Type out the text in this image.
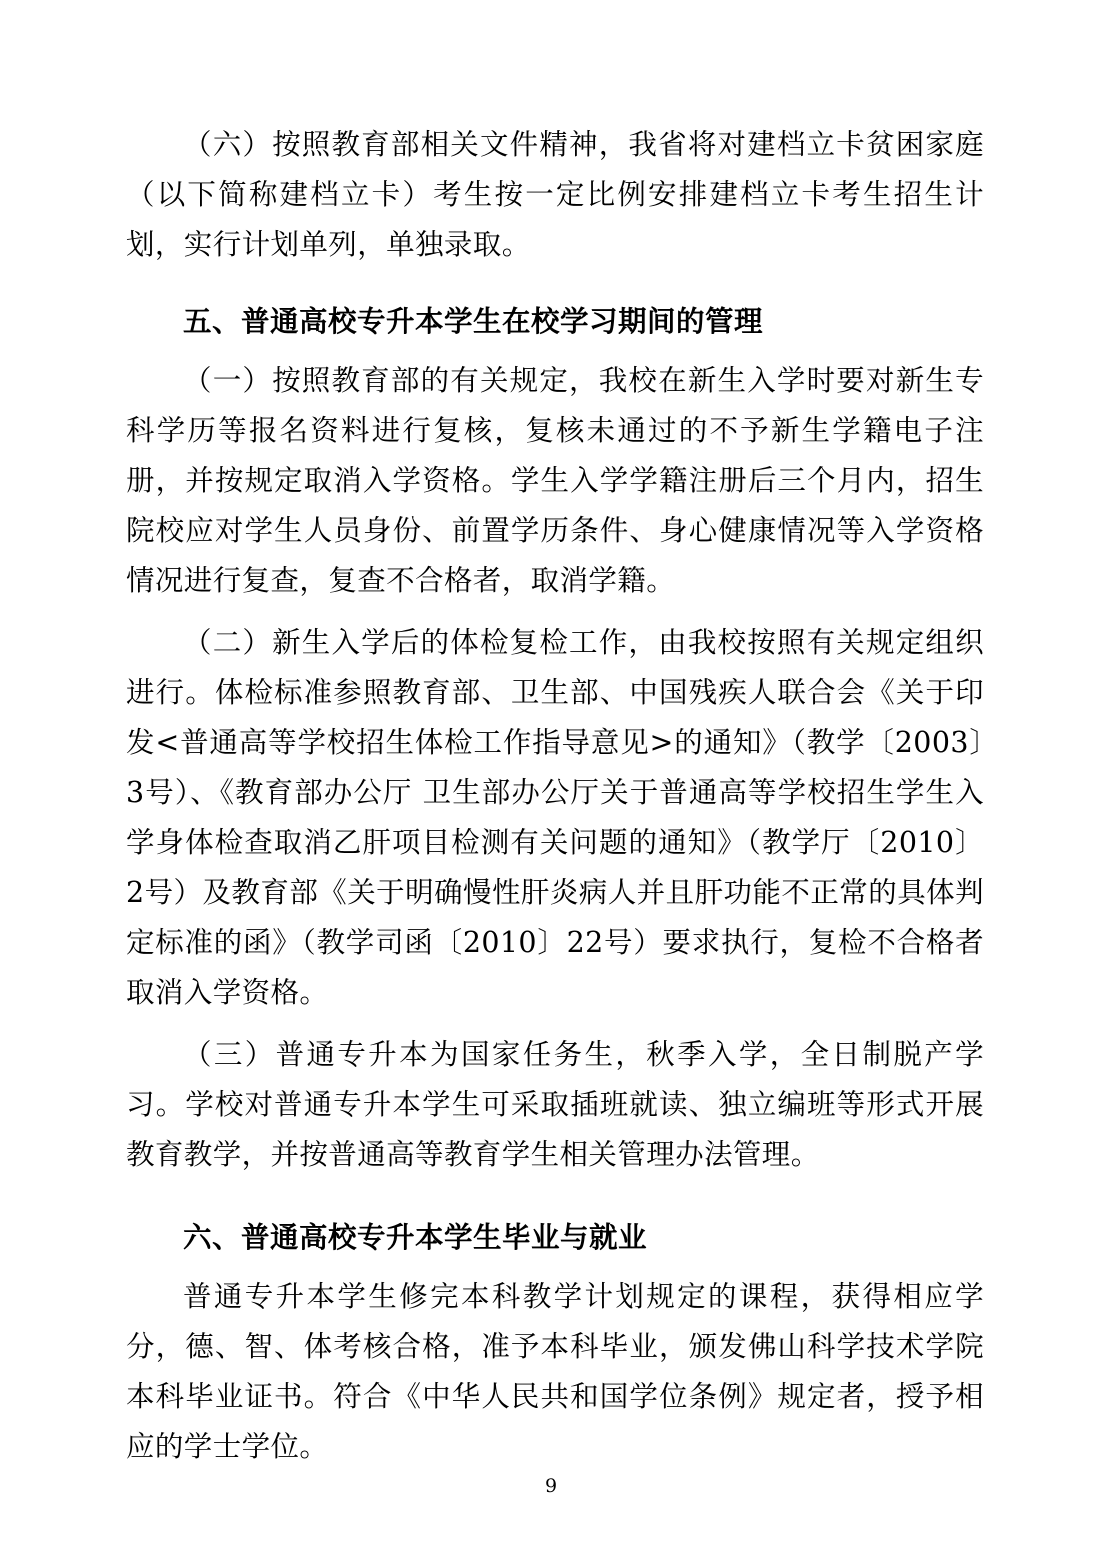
（六）按照教育部相关文件精神，我省将对建档立卡贫困家庭（以下简称建档立卡）考生按一定比例安排建档立卡考生招生计划，实行计划单列，单独录取。

五、普通高校专升本学生在校学习期间的管理

（一）按照教育部的有关规定，我校在新生入学时要对新生专科学历等报名资料进行复核，复核未通过的不予新生学籍电子注册，并按规定取消入学资格。学生入学学籍注册后三个月内，招生院校应对学生人员身份、前置学历条件、身心健康情况等入学资格情况进行复查，复查不合格者，取消学籍。

（二）新生入学后的体检复检工作，由我校按照有关规定组织进行。体检标准参照教育部、卫生部、中国残疾人联合会《关于印发<普通高等学校招生体检工作指导意见>的通知》（教学〔2003〕3号）、《教育部办公厅 卫生部办公厅关于普通高等学校招生学生入学身体检查取消乙肝项目检测有关问题的通知》（教学厅〔2010〕2号）及教育部《关于明确慢性肝炎病人并且肝功能不正常的具体判定标准的函》（教学司函〔2010〕22号）要求执行，复检不合格者取消入学资格。

（三）普通专升本为国家任务生，秋季入学，全日制脱产学习。学校对普通专升本学生可采取插班就读、独立编班等形式开展教育教学，并按普通高等教育学生相关管理办法管理。

六、普通高校专升本学生毕业与就业

普通专升本学生修完本科教学计划规定的课程，获得相应学分，德、智、体考核合格，准予本科毕业，颁发佛山科学技术学院本科毕业证书。符合《中华人民共和国学位条例》规定者，授予相应的学士学位。

9
